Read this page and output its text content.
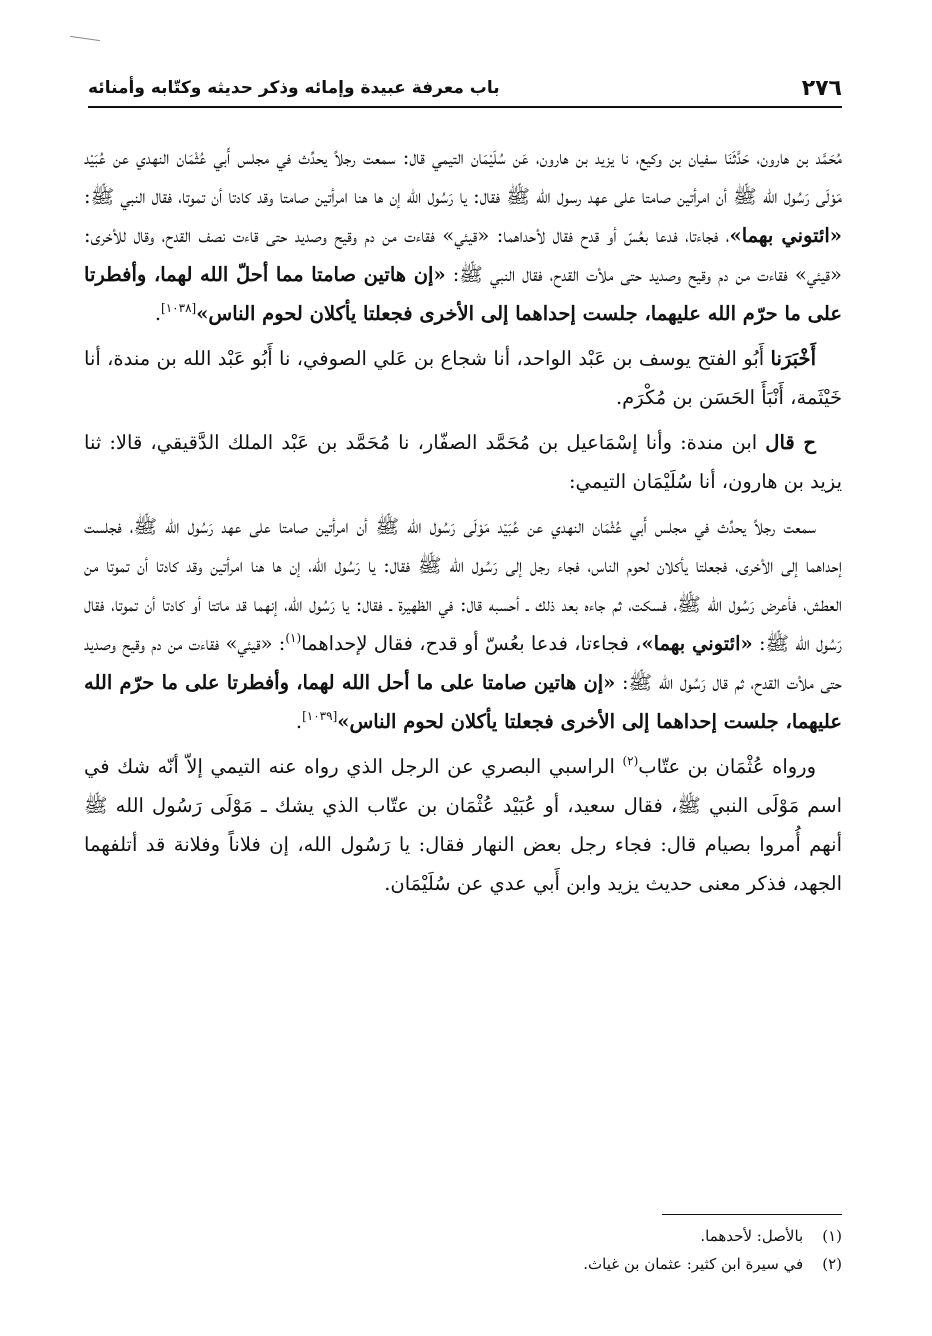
٢٧٦
باب معرفة عبيدة وإمائه وذكر حديثه وكتّابه وأمنائه

مُحَمَّد بن هارون، حَدَّثَنَا سفيان بن وكيع، نا يزيد بن هارون، عَن سُلَيْمَان التيمي قال: سمعت رجلاً يحدِّث في مجلس أَبي عُثْمَان النهدي عن عُبَيْد مَوْلَى رَسُول الله ﷺ أن امرأتين صامتا على عهد رسول الله ﷺ فقال: يا رَسُول الله إن ها هنا امرأتين صامتا وقد كادتا أن تموتا، فقال النبي ﷺ: «ائتوني بهما»، فجاءتا، فدعا بعُسّ أو قدح فقال لأحداهما: «قيئي» فقاءت من دم وقيح وصديد حتى قاءت نصف القدح، وقال للأخرى: «قيئي» فقاءت من دم وقيح وصديد حتى ملأت القدح، فقال النبي ﷺ: «إن هاتين صامتا مما أحلّ الله لهما، وأفطرتا على ما حرّم الله عليهما، جلست إحداهما إلى الأخرى فجعلتا يأكلان لحوم الناس»[١٠٣٨].

أَخْبَرَنا أَبُو الفتح يوسف بن عَبْد الواحد، أنا شجاع بن عَلي الصوفي، نا أَبُو عَبْد الله بن مندة، أنا خَيْثَمة، أَنْبَأَ الحَسَن بن مُكْرَم.

ح قال ابن مندة: وأنا إسْمَاعيل بن مُحَمَّد الصفّار، نا مُحَمَّد بن عَبْد الملك الدَّقيقي، قالا: ثنا يزيد بن هارون، أنا سُلَيْمَان التيمي:

سمعت رجلاً يحدِّث في مجلس أَبي عُثْمَان النهدي عن عُبَيْد مَوْلَى رَسُول الله ﷺ أن امرأتين صامتا على عهد رَسُول الله ﷺ، فجلست إحداهما إلى الأخرى، فجعلتا يأكلان لحوم الناس، فجاء رجل إلى رَسُول الله ﷺ فقال: يا رَسُول الله، إن ها هنا امرأتين وقد كادتا أن تموتا من العطش، فأعرض رَسُول الله ﷺ، فسكت، ثم جاءه بعد ذلك ـ أحسبه قال: في الظهيرة ـ فقال: يا رَسُول الله، إنهما قد ماتتا أو كادتا أن تموتا، فقال رَسُول الله ﷺ: «ائتوني بهما»، فجاءتا، فدعا بعُسّ أو قدح، فقال لإحداهما$^{(١)}$: «قيئي» فقاءت من دم وقيح وصديد حتى ملأت القدح، ثم قال رَسُول الله ﷺ: «إن هاتين صامتا على ما أحل الله لهما، وأفطرتا على ما حرّم الله عليهما، جلست إحداهما إلى الأخرى فجعلتا يأكلان لحوم الناس»[١٠٣٩].

ورواه عُثْمَان بن عتّاب$^{(٢)}$ الراسبي البصري عن الرجل الذي رواه عنه التيمي إلاّ أنّه شك في اسم مَوْلَى النبي ﷺ، فقال سعيد، أو عُبَيْد عُثْمَان بن عتّاب الذي يشك ـ مَوْلَى رَسُول الله ﷺ أنهم أُمروا بصيام قال: فجاء رجل بعض النهار فقال: يا رَسُول الله، إن فلاناً وفلانة قد أتلفهما الجهد، فذكر معنى حديث يزيد وابن أَبي عدي عن سُلَيْمَان.

(١) بالأصل: لأحدهما.
(٢) في سيرة ابن كثير: عثمان بن غياث.
